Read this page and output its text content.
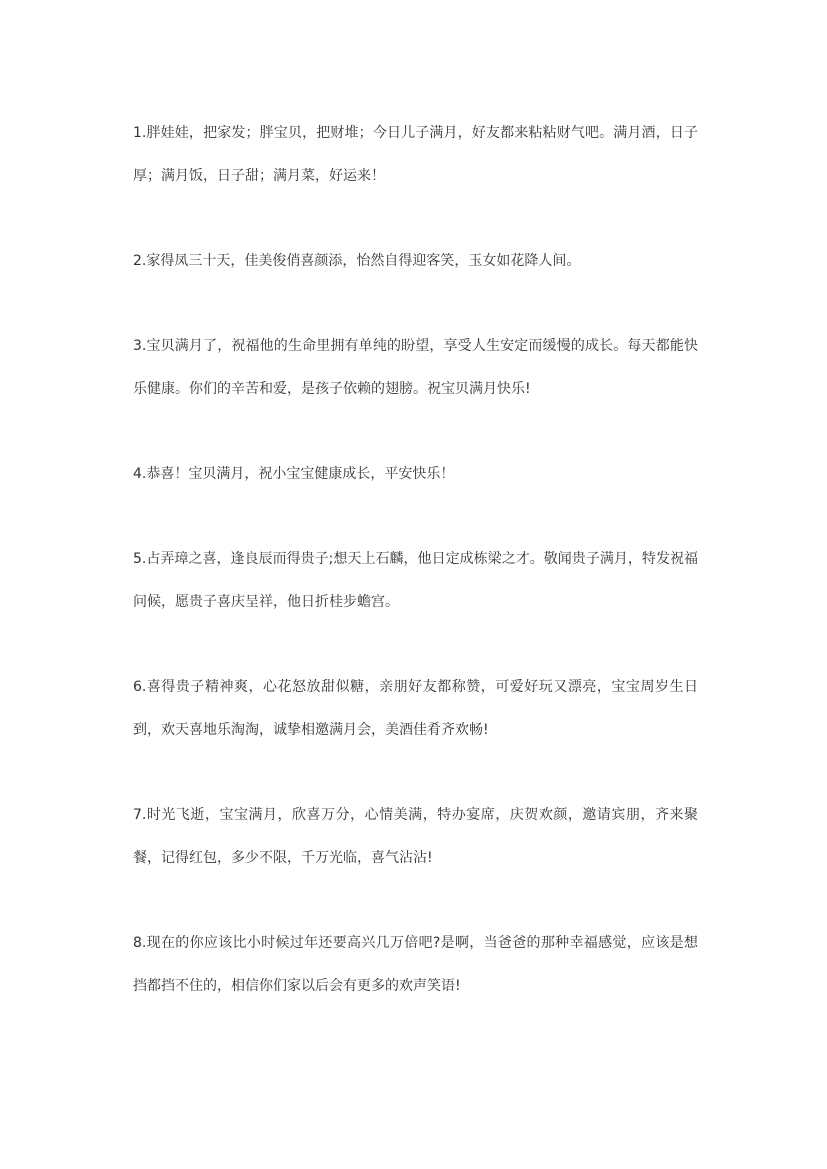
1.胖娃娃，把家发；胖宝贝，把财堆；今日儿子满月，好友都来粘粘财气吧。满月酒，日子厚；满月饭，日子甜；满月菜，好运来！

2.家得凤三十天，佳美俊俏喜颜添，怡然自得迎客笑，玉女如花降人间。

3.宝贝满月了，祝福他的生命里拥有单纯的盼望，享受人生安定而缓慢的成长。每天都能快乐健康。你们的辛苦和爱，是孩子依赖的翅膀。祝宝贝满月快乐!

4.恭喜！宝贝满月，祝小宝宝健康成长，平安快乐！

5.占弄璋之喜，逢良辰而得贵子;想天上石麟，他日定成栋梁之才。敬闻贵子满月，特发祝福问候，愿贵子喜庆呈祥，他日折桂步蟾宫。

6.喜得贵子精神爽，心花怒放甜似糖，亲朋好友都称赞，可爱好玩又漂亮，宝宝周岁生日到，欢天喜地乐淘淘，诚挚相邀满月会，美酒佳肴齐欢畅!

7.时光飞逝，宝宝满月，欣喜万分，心情美满，特办宴席，庆贺欢颜，邀请宾朋，齐来聚餐，记得红包，多少不限，千万光临，喜气沾沾!

8.现在的你应该比小时候过年还要高兴几万倍吧?是啊，当爸爸的那种幸福感觉，应该是想挡都挡不住的，相信你们家以后会有更多的欢声笑语!
